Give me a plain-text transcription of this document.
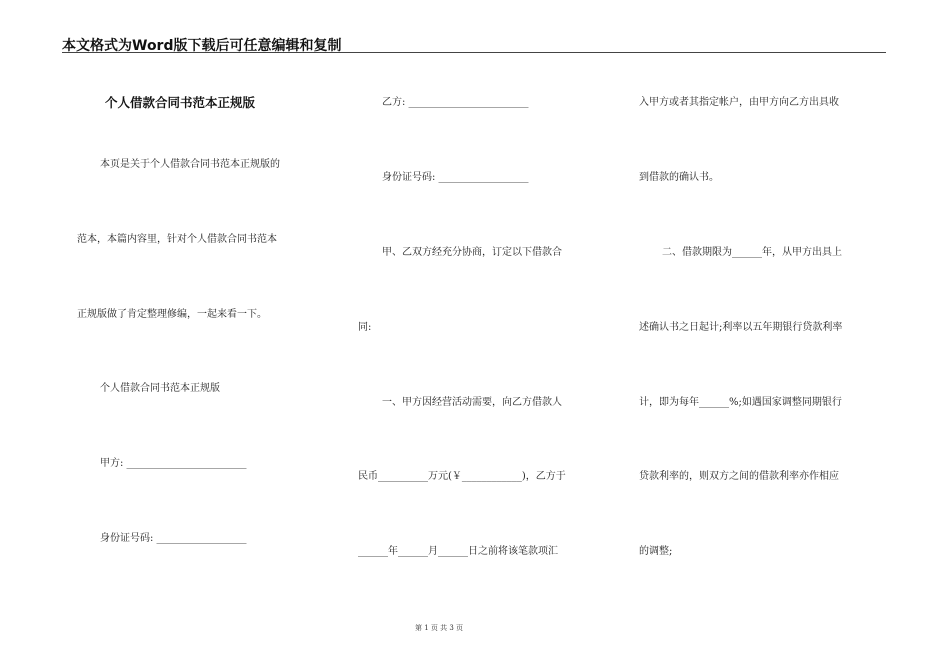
本文格式为Word版下载后可任意编辑和复制
个人借款合同书范本正规版
本页是关于个人借款合同书范本正规版的
范本，本篇内容里，针对个人借款合同书范本
正规版做了肯定整理修编，一起来看一下。
个人借款合同书范本正规版
甲方: ________________________
身份证号码: __________________
乙方: ________________________
身份证号码: __________________
甲、乙双方经充分协商，订定以下借款合
同:
一、甲方因经营活动需要，向乙方借款人
民币__________万元(￥____________)，乙方于
______年______月______日之前将该笔款项汇
入甲方或者其指定帐户，由甲方向乙方出具收
到借款的确认书。
二、借款期限为______年，从甲方出具上
述确认书之日起计;利率以五年期银行贷款利率
计，即为每年______%;如遇国家调整同期银行
贷款利率的，则双方之间的借款利率亦作相应
的调整;
第 1 页 共 3 页
